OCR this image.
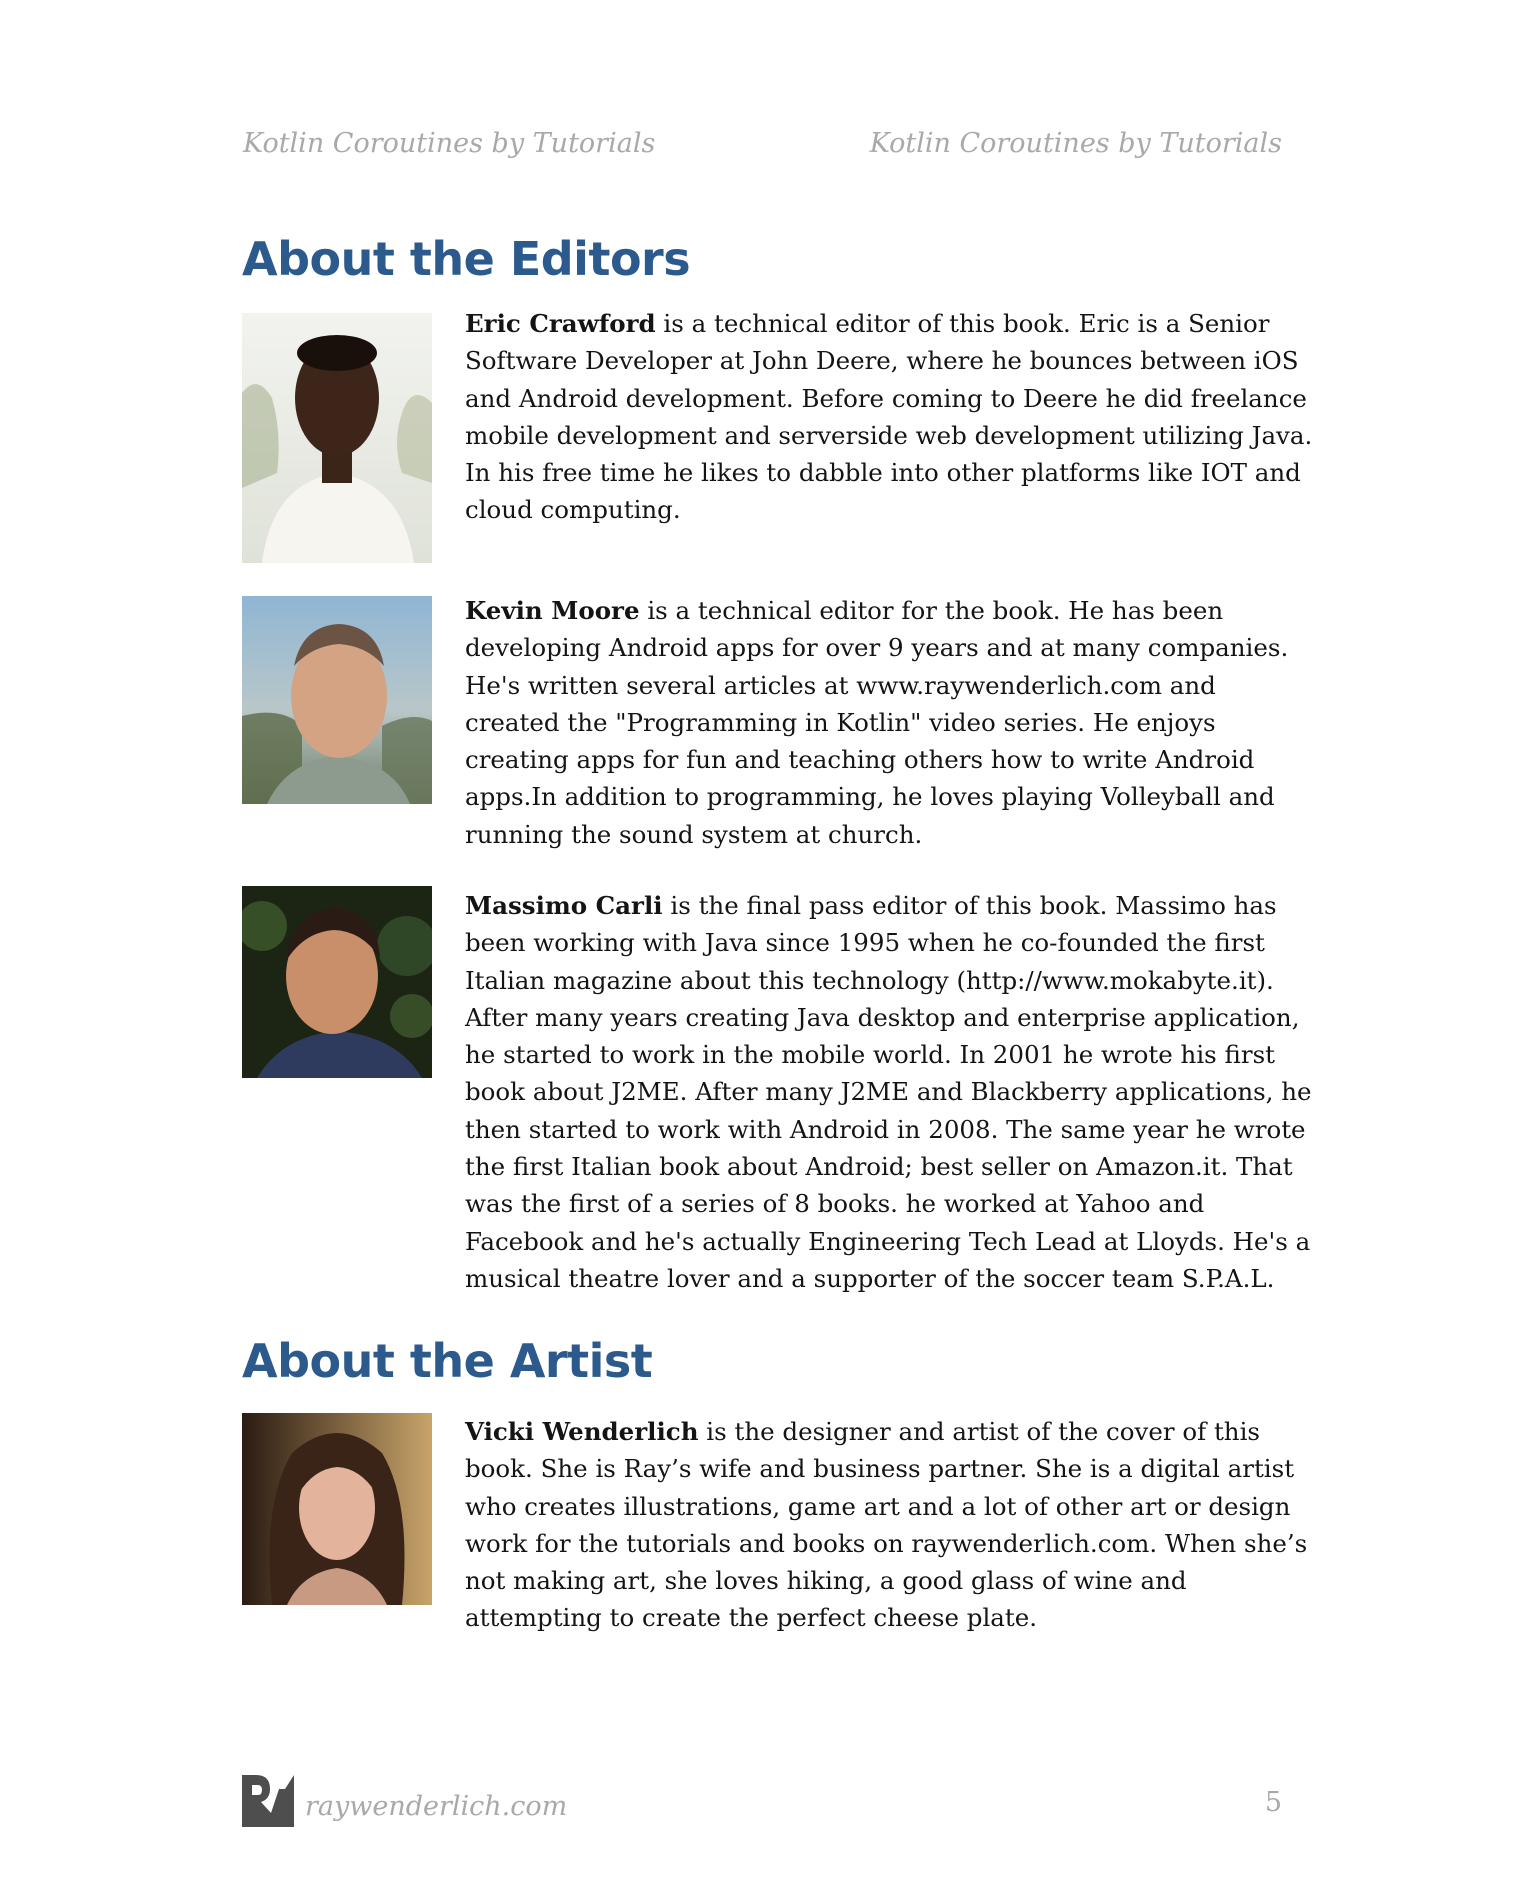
Kotlin Coroutines by Tutorials	Kotlin Coroutines by Tutorials
About the Editors

Eric Crawford is a technical editor of this book. Eric is a Senior Software Developer at John Deere, where he bounces between iOS and Android development. Before coming to Deere he did freelance mobile development and serverside web development utilizing Java. In his free time he likes to dabble into other platforms like IOT and cloud computing.

Kevin Moore is a technical editor for the book. He has been developing Android apps for over 9 years and at many companies. He's written several articles at www.raywenderlich.com and created the "Programming in Kotlin" video series. He enjoys creating apps for fun and teaching others how to write Android apps.In addition to programming, he loves playing Volleyball and running the sound system at church.

Massimo Carli is the final pass editor of this book. Massimo has been working with Java since 1995 when he co-founded the first Italian magazine about this technology (http://www.mokabyte.it). After many years creating Java desktop and enterprise application, he started to work in the mobile world. In 2001 he wrote his first book about J2ME. After many J2ME and Blackberry applications, he then started to work with Android in 2008. The same year he wrote the first Italian book about Android; best seller on Amazon.it. That was the first of a series of 8 books. he worked at Yahoo and Facebook and he's actually Engineering Tech Lead at Lloyds. He's a musical theatre lover and a supporter of the soccer team S.P.A.L.

About the Artist

Vicki Wenderlich is the designer and artist of the cover of this book. She is Ray’s wife and business partner. She is a digital artist who creates illustrations, game art and a lot of other art or design work for the tutorials and books on raywenderlich.com. When she’s not making art, she loves hiking, a good glass of wine and attempting to create the perfect cheese plate.

raywenderlich.com	5
